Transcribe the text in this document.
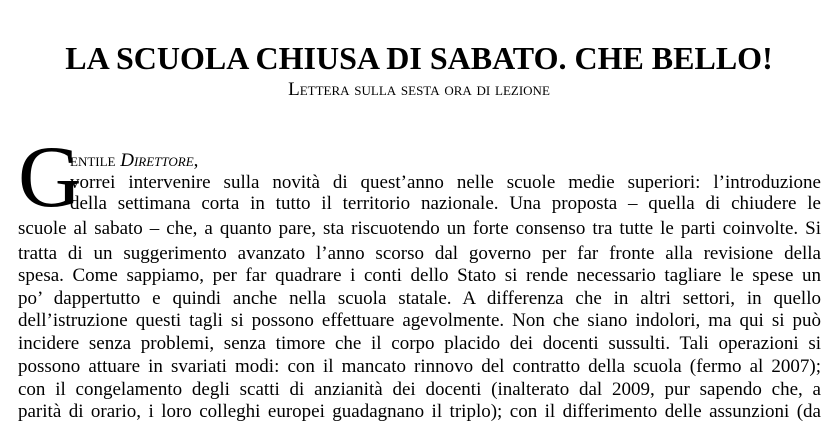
LA SCUOLA CHIUSA DI SABATO. CHE BELLO!
Lettera sulla sesta ora di lezione
G
entile Direttore,
vorrei intervenire sulla novità di quest’anno nelle scuole medie superiori: l’introduzione
della settimana corta in tutto il territorio nazionale. Una proposta – quella di chiudere le
scuole al sabato – che, a quanto pare, sta riscuotendo un forte consenso tra tutte le parti coinvolte. Si
tratta di un suggerimento avanzato l’anno scorso dal governo per far fronte alla revisione della
spesa. Come sappiamo, per far quadrare i conti dello Stato si rende necessario tagliare le spese un
po’ dappertutto e quindi anche nella scuola statale. A differenza che in altri settori, in quello
dell’istruzione questi tagli si possono effettuare agevolmente. Non che siano indolori, ma qui si può
incidere senza problemi, senza timore che il corpo placido dei docenti sussulti. Tali operazioni si
possono attuare in svariati modi: con il mancato rinnovo del contratto della scuola (fermo al 2007);
con il congelamento degli scatti di anzianità dei docenti (inalterato dal 2009, pur sapendo che, a
parità di orario, i loro colleghi europei guadagnano il triplo); con il differimento delle assunzioni (da
